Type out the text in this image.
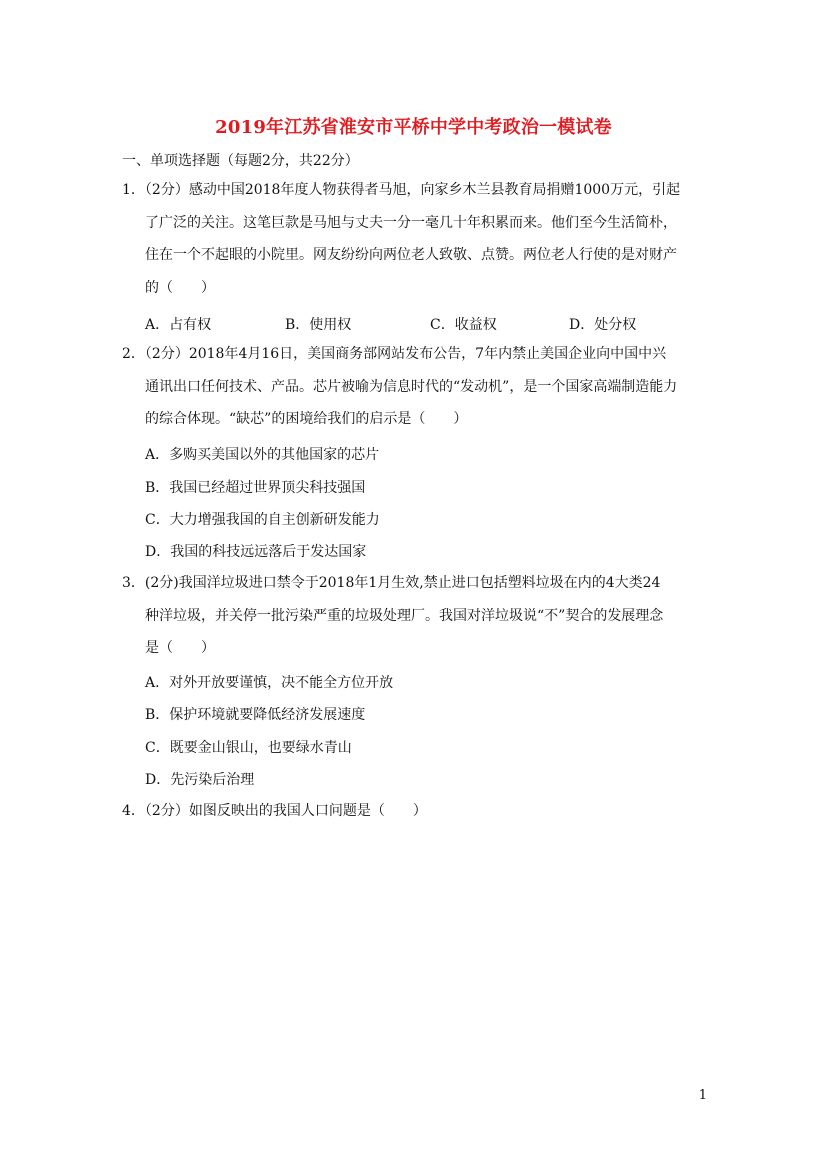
2019年江苏省淮安市平桥中学中考政治一模试卷
一、单项选择题（每题2分，共22分）
1．（2分）感动中国2018年度人物获得者马旭，向家乡木兰县教育局捐赠1000万元，引起
了广泛的关注。这笔巨款是马旭与丈夫一分一毫几十年积累而来。他们至今生活简朴，
住在一个不起眼的小院里。网友纷纷向两位老人致敬、点赞。两位老人行使的是对财产
的（　　）
A．占有权	B．使用权	C．收益权	D．处分权
2．（2分）2018年4月16日，美国商务部网站发布公告，7年内禁止美国企业向中国中兴
通讯出口任何技术、产品。芯片被喻为信息时代的“发动机”，是一个国家高端制造能力
的综合体现。“缺芯”的困境给我们的启示是（　　）
A．多购买美国以外的其他国家的芯片
B．我国已经超过世界顶尖科技强国
C．大力增强我国的自主创新研发能力
D．我国的科技远远落后于发达国家
3．(2分)我国洋垃圾进口禁令于2018年1月生效,禁止进口包括塑料垃圾在内的4大类24
种洋垃圾，并关停一批污染严重的垃圾处理厂。我国对洋垃圾说“不”契合的发展理念
是（　　）
A．对外开放要谨慎，决不能全方位开放
B．保护环境就要降低经济发展速度
C．既要金山银山，也要绿水青山
D．先污染后治理
4．（2分）如图反映出的我国人口问题是（　　）
1
